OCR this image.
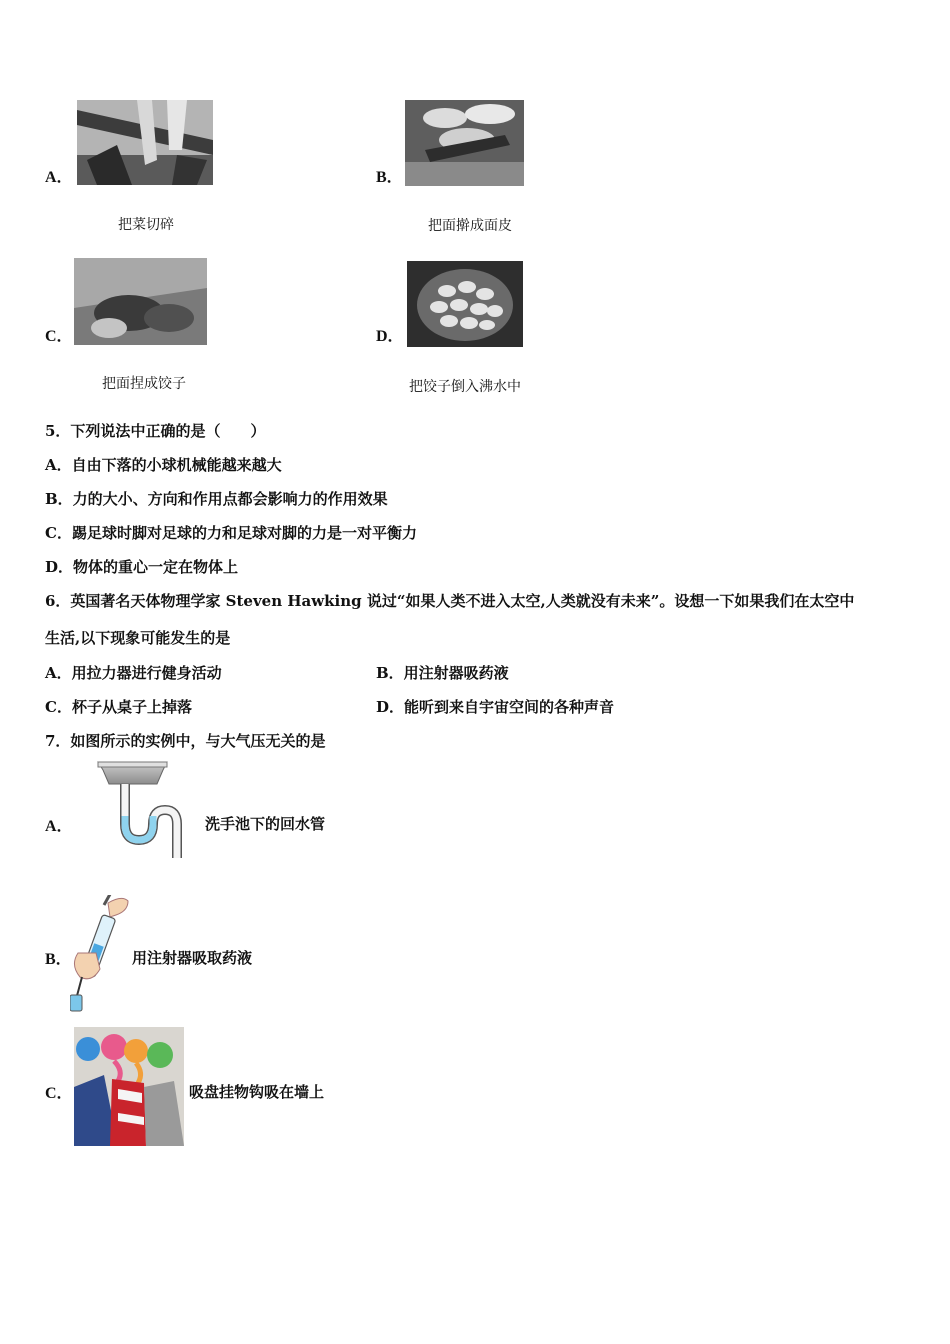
A．
把菜切碎
B．
把面擀成面皮
C．
把面捏成饺子
D．
把饺子倒入沸水中
5．下列说法中正确的是（　　）
A．自由下落的小球机械能越来越大
B．力的大小、方向和作用点都会影响力的作用效果
C．踢足球时脚对足球的力和足球对脚的力是一对平衡力
D．物体的重心一定在物体上
6．英国著名天体物理学家 Steven Hawking 说过“如果人类不进入太空,人类就没有未来”。设想一下如果我们在太空中
生活,以下现象可能发生的是
A．用拉力器进行健身活动	B．用注射器吸药液
C．杯子从桌子上掉落	D．能听到来自宇宙空间的各种声音
7．如图所示的实例中，与大气压无关的是
A．	洗手池下的回水管
B．	用注射器吸取药液
C．	吸盘挂物钩吸在墙上
